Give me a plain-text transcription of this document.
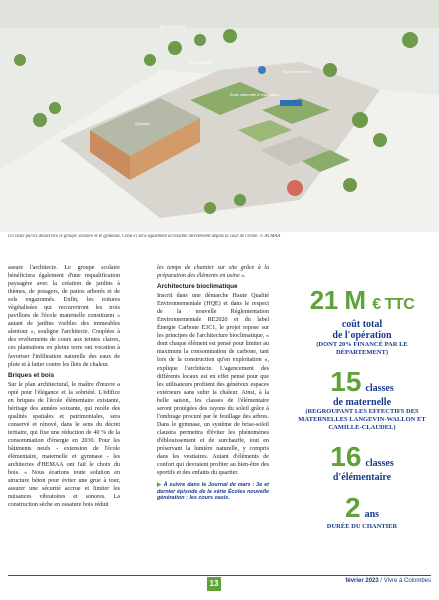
Rue Gabriel Péri
Sur Gabrielle
École élémentaire
École maternelle & restauration
Gymnase
Un vaste parvis desservira le groupe scolaire et le gymnase. Celui-ci sera également accessible directement depuis la cour de l'école. © AUMAA

assure l'architecte. Le groupe scolaire bénéficiera également d'une requalification paysagère avec la création de jardins à thèmes, de potagers, de patios arborés et de sols engazonnés. Enfin, les toitures végétalisées qui recouvriront les trois pavillons de l'école maternelle constituent « autant de jardins visibles des immeubles alentour », souligne l'architecte. Couplées à des revêtements de cours aux teintes claires, ces plantations en pleine terre ont vocation à favoriser l'infiltration naturelle des eaux de pluie et à lutter contre les îlots de chaleur.

Briques et bois

Sur le plan architectural, le maître d'œuvre a opté pour l'élégance et la sobriété. L'édifice en briques de l'école élémentaire existante, héritage des années soixante, qui recèle des qualités spatiales et patrimoniales, sera conservé et rénové, dans le sens du décret tertiaire, qui fixe une réduction de 40 % de la consommation d'énergie en 2030. Pour les bâtiments neufs - extension de l'école élémentaire, maternelle et gymnase - les architectes d'HEMAA ont fait le choix du bois. « Nous écartons toute solution en structure béton pour éviter une grue à tour, assurer une sécurité accrue et limiter les nuisances vibratoires et sonores. La construction sèche en ossature bois réduit

les temps de chantier sur site grâce à la préparation des éléments en usine ».

Architecture bioclimatique

Inscrit dans une démarche Haute Qualité Environnementale (HQE) et dans le respect de la nouvelle Réglementation Environnementale RE2020 et du label Énergie Carbone E3C1, le projet repose sur les principes de l'architecture bioclimatique, « dont chaque élément est pensé pour limiter au maximum la consommation de carbone, tant lors de la construction qu'en exploitation », explique l'architecte. L'agencement des différents locaux est en effet pensé pour que les utilisateurs profitent des généreux espaces extérieurs sans subir la chaleur. Ainsi, à la belle saison, les classes de l'élémentaire seront protégées des rayons du soleil grâce à l'ombrage procuré par le feuillage des arbres. Dans le gymnase, un système de brise-soleil claustra permettra d'éviter les phénomènes d'éblouissement et de surchauffe, tout en préservant la lumière naturelle, y compris dans les vestiaires. Autant d'éléments de confort qui devraient profiter au bien-être des sportifs et des enfants du quartier.

▶ À suivre dans le Journal de mars : 3e et dernier épisode de la série Écoles nouvelle génération : les cours oasis.
21 M € TTC
coût total
de l'opération
(DONT 20% FINANCÉ PAR LE DÉPARTEMENT)
15 classes
de maternelle
(REGROUPANT LES EFFECTIFS DES MATERNELLES LANGEVIN-WALLON ET CAMILLE-CLAUDEL)
16 classes
d'élémentaire
2 ans
DURÉE DU CHANTIER
13	février 2023 / Vivre à Colombes
